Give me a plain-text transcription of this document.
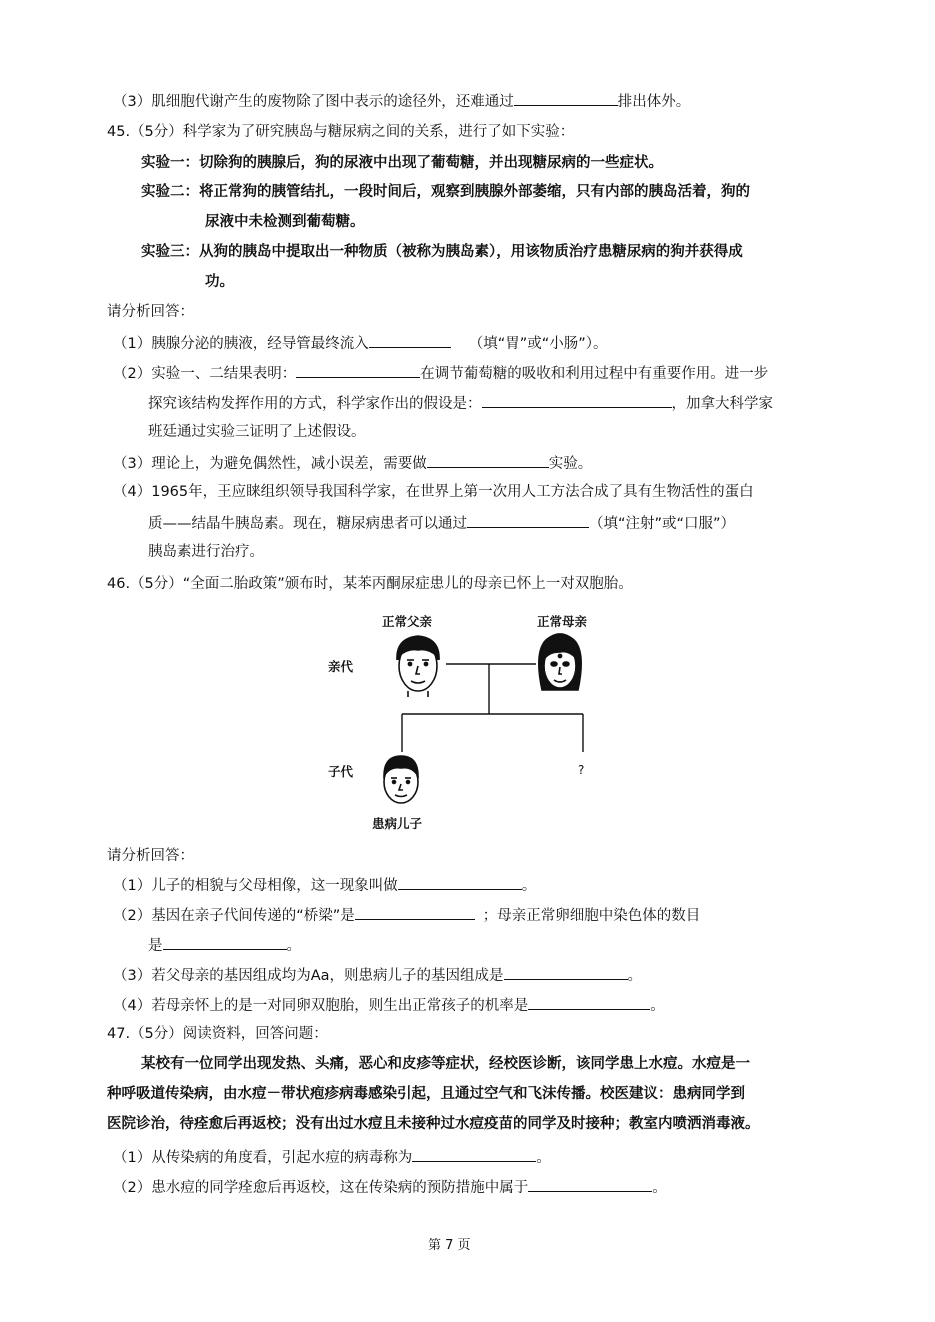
（3）肌细胞代谢产生的废物除了图中表示的途径外，还难通过	排出体外。
45.（5分）科学家为了研究胰岛与糖尿病之间的关系，进行了如下实验：
实验一：切除狗的胰腺后，狗的尿液中出现了葡萄糖，并出现糖尿病的一些症状。
实验二：将正常狗的胰管结扎，一段时间后，观察到胰腺外部萎缩，只有内部的胰岛活着，狗的
尿液中未检测到葡萄糖。
实验三：从狗的胰岛中提取出一种物质（被称为胰岛素），用该物质治疗患糖尿病的狗并获得成
功。
请分析回答：
（1）胰腺分泌的胰液，经导管最终流入	（填“胃”或“小肠”）。
（2）实验一、二结果表明：	在调节葡萄糖的吸收和利用过程中有重要作用。进一步
探究该结构发挥作用的方式，科学家作出的假设是：	，加拿大科学家
班廷通过实验三证明了上述假设。
（3）理论上，为避免偶然性，减小误差，需要做	实验。
（4）1965年，王应睐组织领导我国科学家，在世界上第一次用人工方法合成了具有生物活性的蛋白
质——结晶牛胰岛素。现在，糖尿病患者可以通过	（填“注射”或“口服”）
胰岛素进行治疗。
46.（5分）“全面二胎政策”颁布时，某苯丙酮尿症患儿的母亲已怀上一对双胞胎。
正常父亲	正常母亲
亲代
子代
患病儿子
?
请分析回答：
（1）儿子的相貌与父母相像，这一现象叫做	。
（2）基因在亲子代间传递的“桥梁”是	；母亲正常卵细胞中染色体的数目
是	。
（3）若父母亲的基因组成均为Aa，则患病儿子的基因组成是	。
（4）若母亲怀上的是一对同卵双胞胎，则生出正常孩子的机率是	。
47.（5分）阅读资料，回答问题：
某校有一位同学出现发热、头痛，恶心和皮疹等症状，经校医诊断，该同学患上水痘。水痘是一
种呼吸道传染病，由水痘－带状疱疹病毒感染引起，且通过空气和飞沫传播。校医建议：患病同学到
医院诊治，待痊愈后再返校；没有出过水痘且未接种过水痘疫苗的同学及时接种；教室内喷洒消毒液。
（1）从传染病的角度看，引起水痘的病毒称为	。
（2）患水痘的同学痊愈后再返校，这在传染病的预防措施中属于	。
第 7 页
